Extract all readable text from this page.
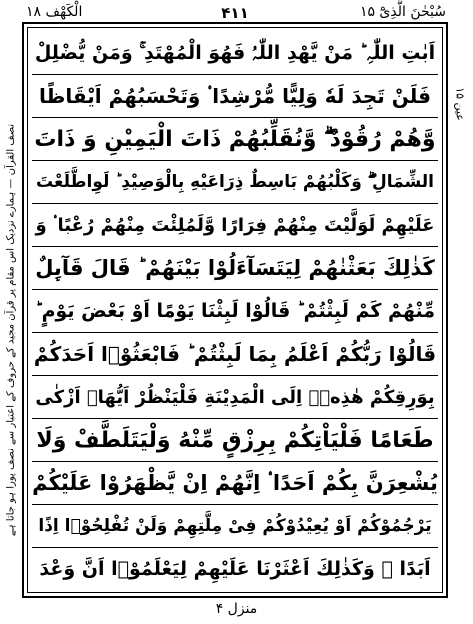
سُبْحٰنَ الَّذِیْٓ ۱۵
۴۱۱
الْکَهْف ۱۸
نصف القرآن — ہمارے نزدیک اس مقام پر قرآن مجید کے حروف کے اعتبار سے نصف پورا ہو جاتا ہے
عین ۱۵
اَبٰتِ اللّٰہِ ؕ مَنْ یَّهْدِ اللّٰہُ فَهُوَ الْمُهْتَدِ ۚ وَمَنْ یُّضْلِلْ
فَلَنْ تَجِدَ لَهٗ وَلِیًّا مُّرْشِدًا ۟ وَتَحْسَبُهُمْ اَیْقَاظًا
وَّهُمْ رُقُوْدٌ ۖۗ وَّنُقَلِّبُهُمْ ذَاتَ الْیَمِیْنِ وَ ذَاتَ
الشِّمَالِ ۖۗ وَكَلْبُهُمْ بَاسِطٌ ذِرَاعَیْهِ بِالْوَصِیْدِ ؕ لَوِاطَّلَعْتَ
عَلَیْهِمْ لَوَلَّیْتَ مِنْهُمْ فِرَارًا وَّلَمُلِئْتَ مِنْهُمْ رُعْبًا ۟ وَ
كَذٰلِكَ بَعَثْنٰهُمْ لِیَتَسَآءَلُوْا بَیْنَهُمْ ؕ قَالَ قَآىِٕلٌ
مِّنْهُمْ كَمْ لَبِثْتُمْ ؕ قَالُوْا لَبِثْنَا یَوْمًا اَوْ بَعْضَ یَوْمٍ ؕ
قَالُوْا رَبُّكُمْ اَعْلَمُ بِمَا لَبِثْتُمْ ؕ فَابْعَثُوْۤا اَحَدَكُمْ
بِوَرِقِكُمْ هٰذِهٖۤ اِلَى الْمَدِیْنَةِ فَلْیَنْظُرْ اَیُّهَاۤ اَزْكٰى
طَعَامًا فَلْیَاْتِكُمْ بِرِزْقٍ مِّنْهُ وَلْیَتَلَطَّفْ وَلَا
یُشْعِرَنَّ بِكُمْ اَحَدًا ۟ اِنَّهُمْ اِنْ یَّظْهَرُوْا عَلَیْكُمْ
یَرْجُمُوْكُمْ اَوْ یُعِیْدُوْكُمْ فِیْ مِلَّتِهِمْ وَلَنْ تُفْلِحُوْۤا اِذًا
اَبَدًا ۟ وَكَذٰلِكَ اَعْثَرْنَا عَلَیْهِمْ لِیَعْلَمُوْۤا اَنَّ وَعْدَ
منزل ۴
